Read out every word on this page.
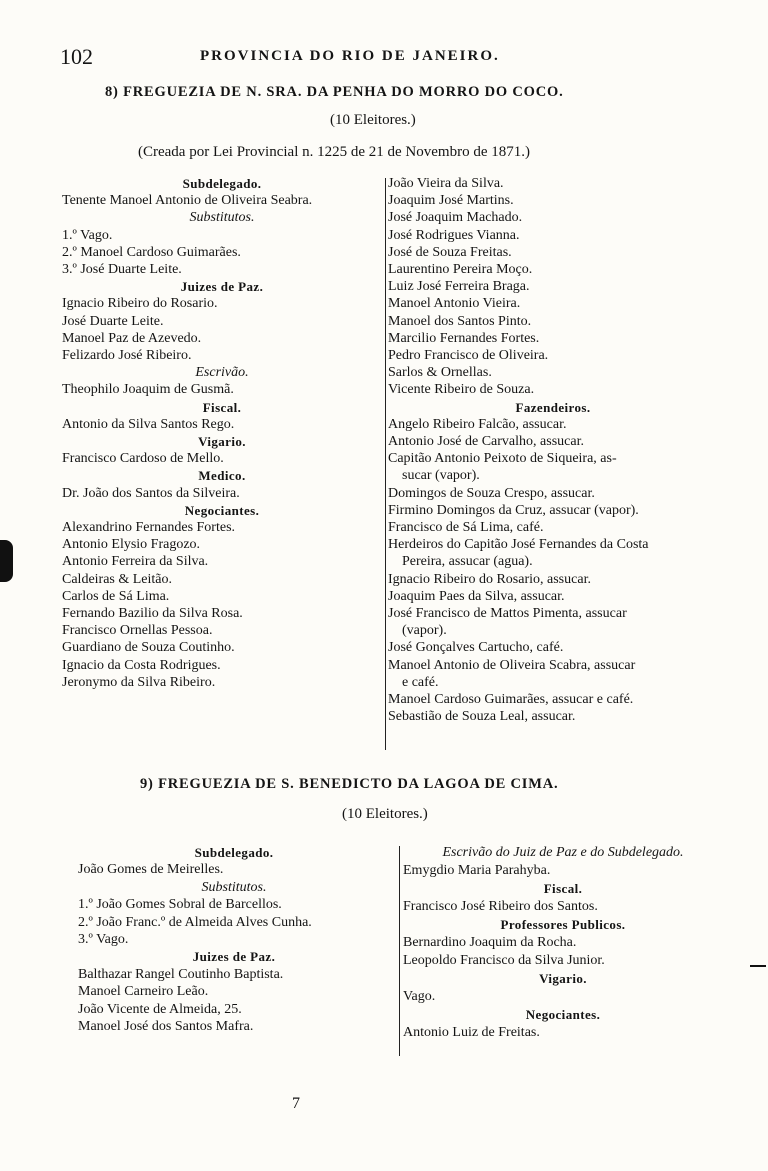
102	PROVINCIA DO RIO DE JANEIRO.
8) FREGUEZIA DE N. SRA. DA PENHA DO MORRO DO COCO.
(10 Eleitores.)
(Creada por Lei Provincial n. 1225 de 21 de Novembro de 1871.)
Subdelegado.
Tenente Manoel Antonio de Oliveira Seabra.
Substitutos.
1.º Vago.
2.º Manoel Cardoso Guimarães.
3.º José Duarte Leite.
Juizes de Paz.
Ignacio Ribeiro do Rosario.
José Duarte Leite.
Manoel Paz de Azevedo.
Felizardo José Ribeiro.
Escrivão.
Theophilo Joaquim de Gusmã.
Fiscal.
Antonio da Silva Santos Rego.
Vigario.
Francisco Cardoso de Mello.
Medico.
Dr. João dos Santos da Silveira.
Negociantes.
Alexandrino Fernandes Fortes.
Antonio Elysio Fragozo.
Antonio Ferreira da Silva.
Caldeiras & Leitão.
Carlos de Sá Lima.
Fernando Bazilio da Silva Rosa.
Francisco Ornellas Pessoa.
Guardiano de Souza Coutinho.
Ignacio da Costa Rodrigues.
Jeronymo da Silva Ribeiro.
João Vieira da Silva.
Joaquim José Martins.
José Joaquim Machado.
José Rodrigues Vianna.
José de Souza Freitas.
Laurentino Pereira Moço.
Luiz José Ferreira Braga.
Manoel Antonio Vieira.
Manoel dos Santos Pinto.
Marcilio Fernandes Fortes.
Pedro Francisco de Oliveira.
Sarlos & Ornellas.
Vicente Ribeiro de Souza.
Fazendeiros.
Angelo Ribeiro Falcão, assucar.
Antonio José de Carvalho, assucar.
Capitão Antonio Peixoto de Siqueira, as-
sucar (vapor).
Domingos de Souza Crespo, assucar.
Firmino Domingos da Cruz, assucar (vapor).
Francisco de Sá Lima, café.
Herdeiros do Capitão José Fernandes da Costa
Pereira, assucar (agua).
Ignacio Ribeiro do Rosario, assucar.
Joaquim Paes da Silva, assucar.
José Francisco de Mattos Pimenta, assucar
(vapor).
José Gonçalves Cartucho, café.
Manoel Antonio de Oliveira Scabra, assucar
e café.
Manoel Cardoso Guimarães, assucar e café.
Sebastião de Souza Leal, assucar.
9) FREGUEZIA DE S. BENEDICTO DA LAGOA DE CIMA.
(10 Eleitores.)
Subdelegado.
João Gomes de Meirelles.
Substitutos.
1.º João Gomes Sobral de Barcellos.
2.º João Franc.º de Almeida Alves Cunha.
3.º Vago.
Juizes de Paz.
Balthazar Rangel Coutinho Baptista.
Manoel Carneiro Leão.
João Vicente de Almeida, 25.
Manoel José dos Santos Mafra.
Escrivão do Juiz de Paz e do Subdelegado.
Emygdio Maria Parahyba.
Fiscal.
Francisco José Ribeiro dos Santos.
Professores Publicos.
Bernardino Joaquim da Rocha.
Leopoldo Francisco da Silva Junior.
Vigario.
Vago.
Negociantes.
Antonio Luiz de Freitas.
7
